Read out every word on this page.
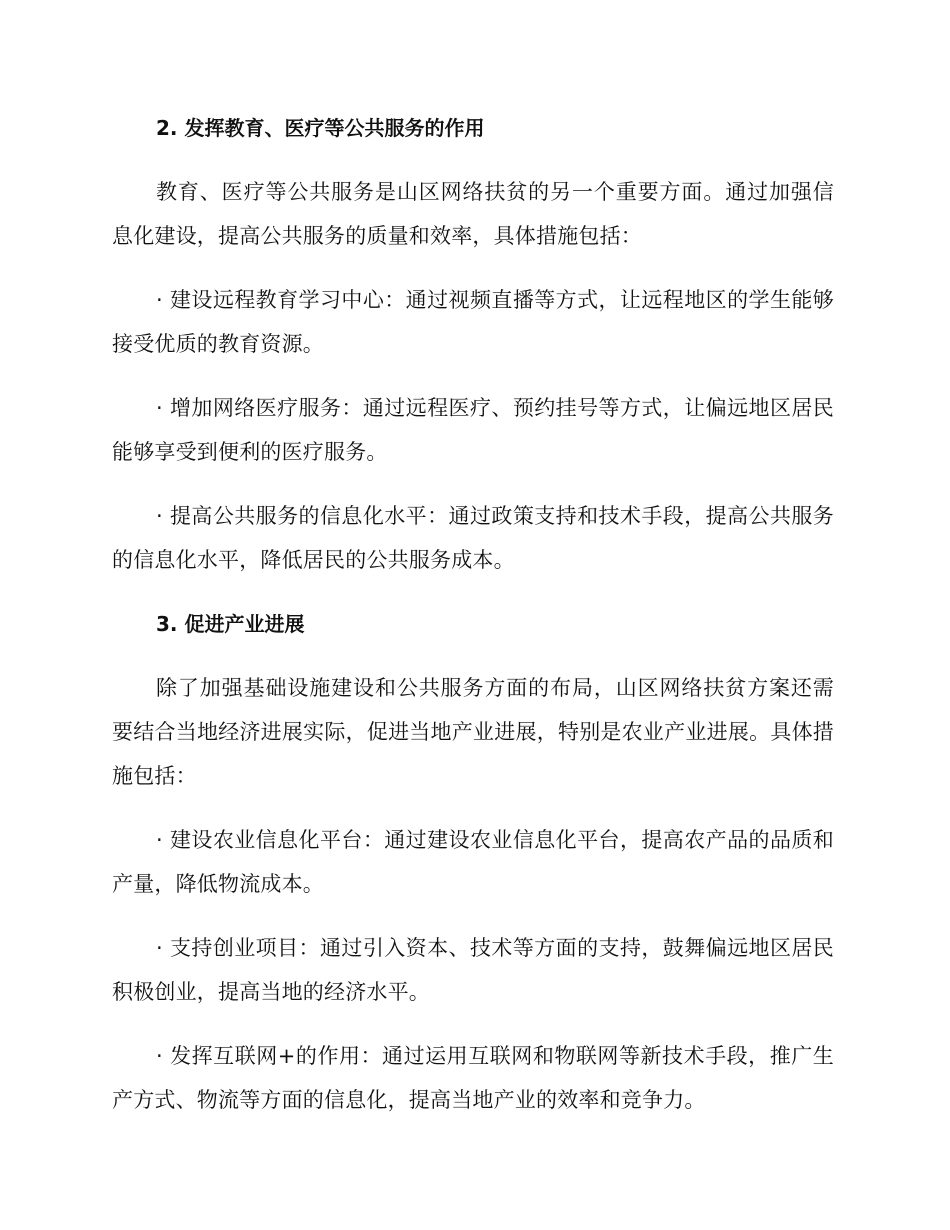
2. 发挥教育、医疗等公共服务的作用
教育、医疗等公共服务是山区网络扶贫的另一个重要方面。通过加强信息化建设，提高公共服务的质量和效率，具体措施包括：
· 建设远程教育学习中心：通过视频直播等方式，让远程地区的学生能够接受优质的教育资源。
· 增加网络医疗服务：通过远程医疗、预约挂号等方式，让偏远地区居民能够享受到便利的医疗服务。
· 提高公共服务的信息化水平：通过政策支持和技术手段，提高公共服务的信息化水平，降低居民的公共服务成本。
3. 促进产业进展
除了加强基础设施建设和公共服务方面的布局，山区网络扶贫方案还需要结合当地经济进展实际，促进当地产业进展，特别是农业产业进展。具体措施包括：
· 建设农业信息化平台：通过建设农业信息化平台，提高农产品的品质和产量，降低物流成本。
· 支持创业项目：通过引入资本、技术等方面的支持，鼓舞偏远地区居民积极创业，提高当地的经济水平。
· 发挥互联网+的作用：通过运用互联网和物联网等新技术手段，推广生产方式、物流等方面的信息化，提高当地产业的效率和竞争力。
